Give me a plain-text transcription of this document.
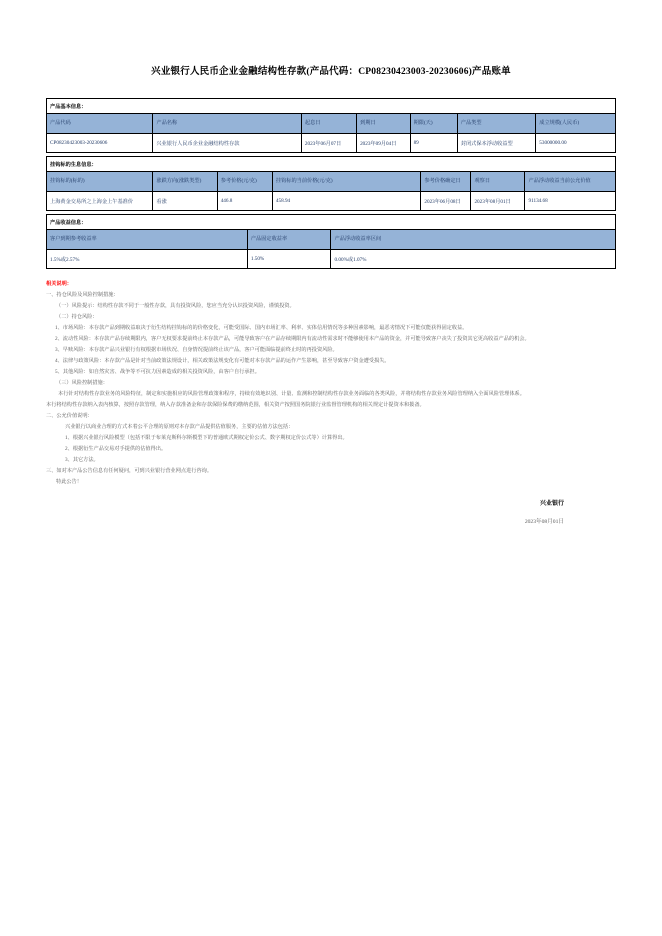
兴业银行人民币企业金融结构性存款(产品代码：CP08230423003-20230606)产品账单
产品基本信息：						
产品代码	产品名称	起息日	到期日	期限(天)	产品类型	成立规模(人民币)
CP08230423003-20230606	兴业银行人民币企业金融结构性存款	2023年06月07日	2023年09月04日	89	封闭式保本浮动收益型	53000000.00
挂钩标的生息信息：						
挂钩标的(标的)	涨跌方向(涨跌类型)	参考价格(元/克)	挂钩标的当前价格(元/克)	参考价格确定日	观察日	产品浮动收益当前公允价值
上海黄金交易所之上海金上午基准价	看涨	446.8	458.94	2023年06月08日	2023年08月01日	91134.68
产品收益信息：		
客户到期参考收益率	产品固定收益率	产品浮动收益率区间
1.5%或2.57%	1.50%	0.00%或1.07%
相关说明：
一、持仓风险及风险控制措施：
（一）风险提示：结构性存款不同于一般性存款，具有投资风险，您应当充分认识投资风险，谨慎投资。
（二）持仓风险：
1、市场风险：本存款产品到期收益取决于衍生结构挂钩标的的价格变化，可能受国际、国内市场汇率、利率、实体信用情况等多种因素影响，最恶劣情况下可能仅能获得固定收益。
2、流动性风险：本存款产品存续期限内，客户无权要求提前终止本存款产品，可能导致客户在产品存续期限内有流动性需求时不能够使用本产品的资金，并可能导致客户丧失了投资其它更高收益产品的机会。
3、早赎风险：本存款产品兴业银行有权根据市场状况、自身情况提前终止该产品，客户可能面临提前终止时的再投资风险。
4、法律与政策风险：本存款产品是针对当前政策法规设计，相关政策法规变化有可能对本存款产品的运作产生影响，甚至导致客户资金遭受损失。
5、其他风险：如自然灾害、战争等不可抗力因素造成的相关投资风险，由客户自行承担。
（三）风险控制措施：
本行针对结构性存款业务的风险特征，制定和实施相应的风险管理政策和程序，持续有效地识别、计量、监测和控制结构性存款业务面临的各类风险，并将结构性存款业务风险管理纳入全面风险管理体系。
本行将结构性存款纳入表内核算，按照存款管理，纳入存款准备金和存款保险保费的缴纳范围，相关资产按照国务院银行业监督管理机构的相关规定计提资本和拨备。
二、公允价值说明：
兴业银行以商业合理的方式本着公平合理的原则对本存款产品提供估值服务，主要的估值方法包括：
1、根据兴业银行风险模型（包括不限于布莱克斯科尔斯模型下的普通欧式期权定价公式、数字期权定价公式等）计算得出。
2、根据衍生产品交易对手提供的估值得出。
3、其它方法。
三、如对本产品公告信息有任何疑问，可到兴业银行营业网点进行咨询。
特此公告！
兴业银行
2023年08月01日
